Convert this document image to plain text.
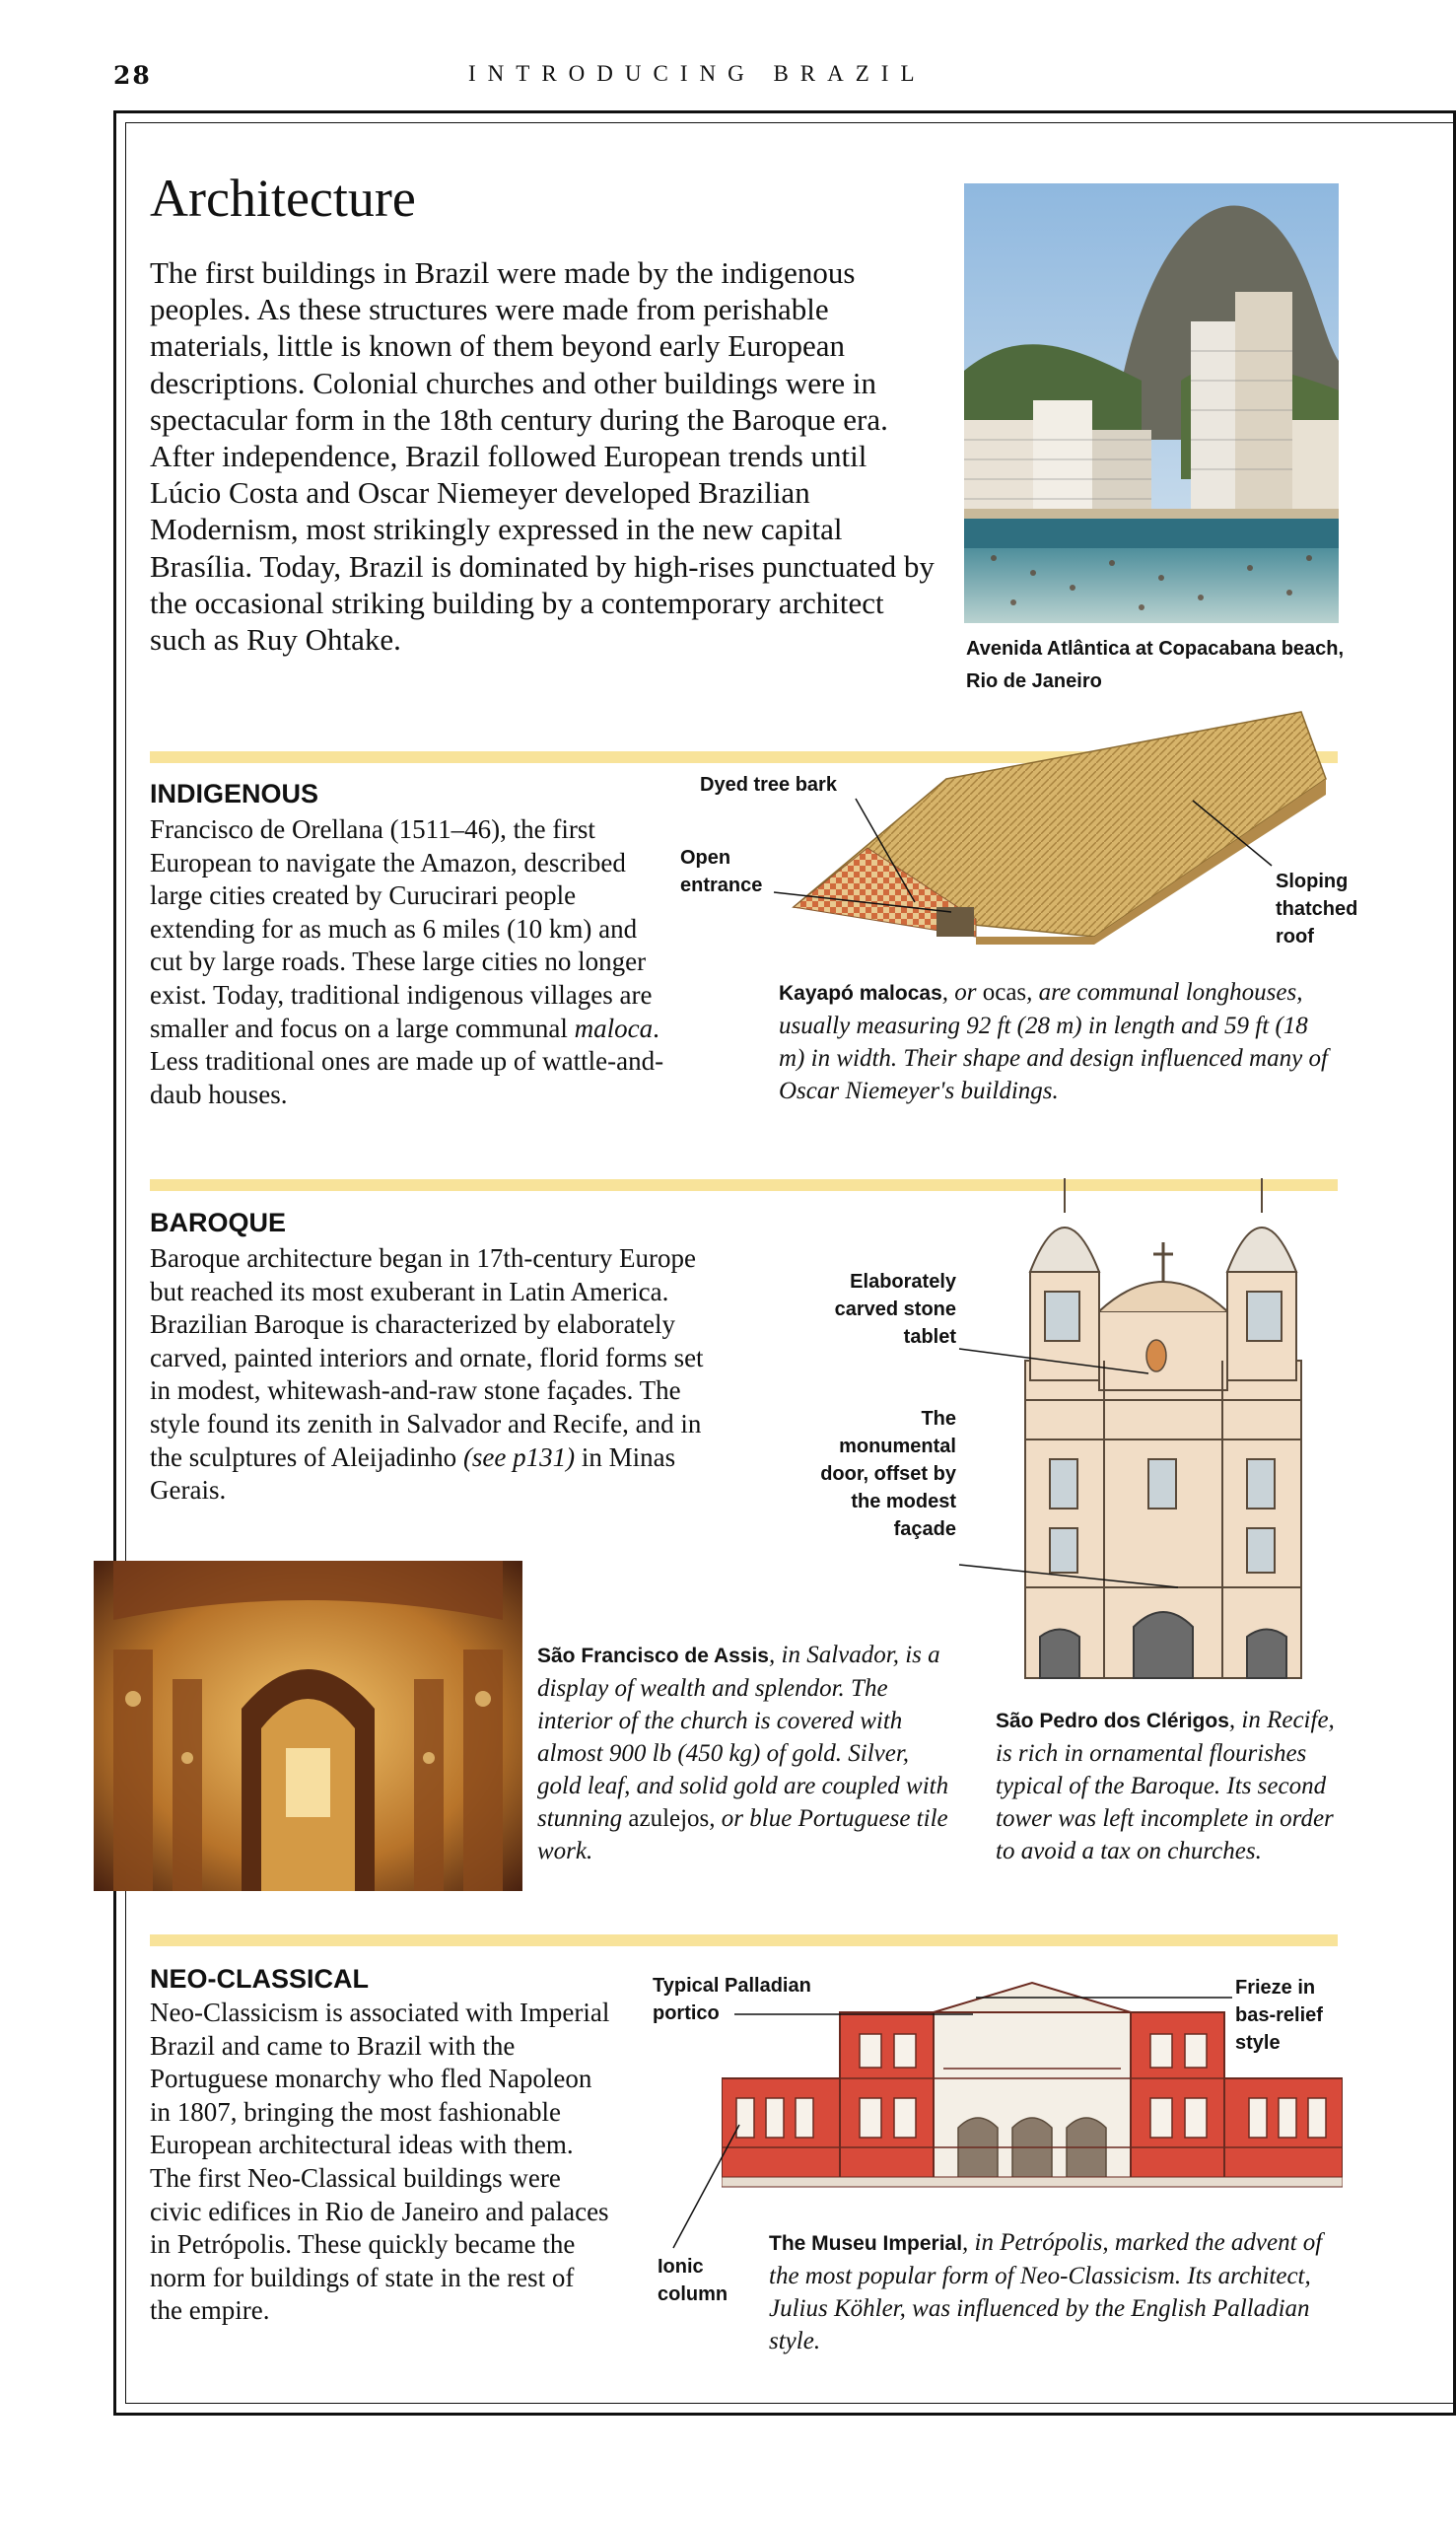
28	INTRODUCING BRAZIL
Architecture
The first buildings in Brazil were made by the indigenous peoples. As these structures were made from perishable materials, little is known of them beyond early European descriptions. Colonial churches and other buildings were in spectacular form in the 18th century during the Baroque era. After independence, Brazil followed European trends until Lúcio Costa and Oscar Niemeyer developed Brazilian Modernism, most strikingly expressed in the new capital Brasília. Today, Brazil is dominated by high-rises punctuated by the occasional striking building by a contemporary architect such as Ruy Ohtake.	Avenida Atlântica at Copacabana beach, Rio de Janeiro
INDIGENOUS
Francisco de Orellana (1511–46), the first European to navigate the Amazon, described large cities created by Curucirari people extending for as much as 6 miles (10 km) and cut by large roads. These large cities no longer exist. Today, traditional indigenous villages are smaller and focus on a large communal maloca. Less traditional ones are made up of wattle-and-daub houses.
Dyed tree bark
Open entrance	Sloping thatched roof
Kayapó malocas, or ocas, are communal longhouses, usually measuring 92 ft (28 m) in length and 59 ft (18 m) in width. Their shape and design influenced many of Oscar Niemeyer's buildings.
BAROQUE
Baroque architecture began in 17th-century Europe but reached its most exuberant in Latin America. Brazilian Baroque is characterized by elaborately carved, painted interiors and ornate, florid forms set in modest, whitewash-and-raw stone façades. The style found its zenith in Salvador and Recife, and in the sculptures of Aleijadinho (see p131) in Minas Gerais.
Elaborately carved stone tablet
The monumental door, offset by the modest façade
São Francisco de Assis, in Salvador, is a display of wealth and splendor. The interior of the church is covered with almost 900 lb (450 kg) of gold. Silver, gold leaf, and solid gold are coupled with stunning azulejos, or blue Portuguese tile work.
São Pedro dos Clérigos, in Recife, is rich in ornamental flourishes typical of the Baroque. Its second tower was left incomplete in order to avoid a tax on churches.
NEO-CLASSICAL
Neo-Classicism is associated with Imperial Brazil and came to Brazil with the Portuguese monarchy who fled Napoleon in 1807, bringing the most fashionable European architectural ideas with them. The first Neo-Classical buildings were civic edifices in Rio de Janeiro and palaces in Petrópolis. These quickly became the norm for buildings of state in the rest of the empire.
Typical Palladian portico
Frieze in bas-relief style
Ionic column
The Museu Imperial, in Petrópolis, marked the advent of the most popular form of Neo-Classicism. Its architect, Julius Köhler, was influenced by the English Palladian style.
